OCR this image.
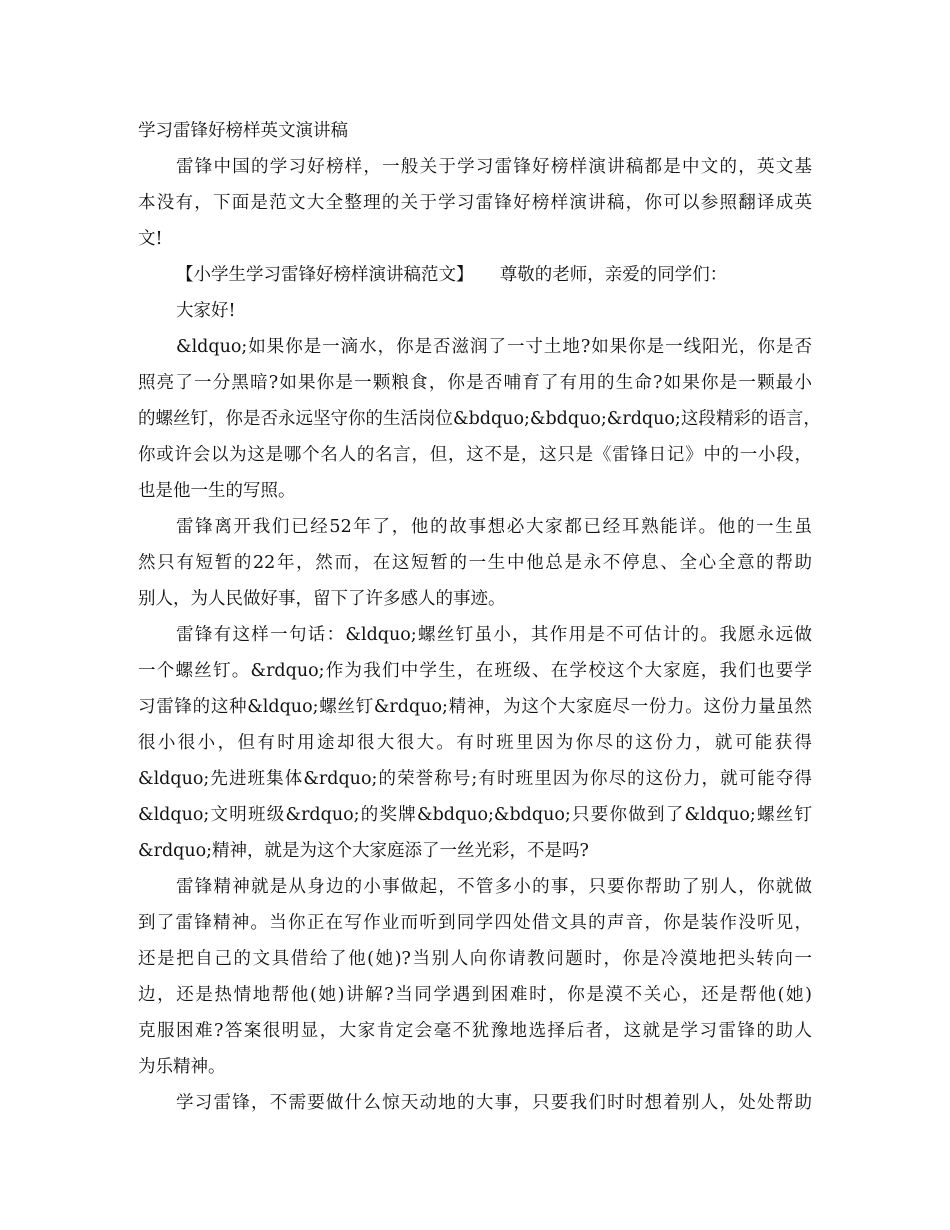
学习雷锋好榜样英文演讲稿
雷锋中国的学习好榜样，一般关于学习雷锋好榜样演讲稿都是中文的，英文基
本没有，下面是范文大全整理的关于学习雷锋好榜样演讲稿，你可以参照翻译成英
文!
【小学生学习雷锋好榜样演讲稿范文】　　尊敬的老师，亲爱的同学们：
大家好!
&ldquo;如果你是一滴水，你是否滋润了一寸土地?如果你是一线阳光，你是否
照亮了一分黑暗?如果你是一颗粮食，你是否哺育了有用的生命?如果你是一颗最小
的螺丝钉，你是否永远坚守你的生活岗位&bdquo;&bdquo;&rdquo;这段精彩的语言，
你或许会以为这是哪个名人的名言，但，这不是，这只是《雷锋日记》中的一小段，
也是他一生的写照。
雷锋离开我们已经52年了，他的故事想必大家都已经耳熟能详。他的一生虽
然只有短暂的22年，然而，在这短暂的一生中他总是永不停息、全心全意的帮助
别人，为人民做好事，留下了许多感人的事迹。
雷锋有这样一句话：&ldquo;螺丝钉虽小，其作用是不可估计的。我愿永远做
一个螺丝钉。&rdquo;作为我们中学生，在班级、在学校这个大家庭，我们也要学
习雷锋的这种&ldquo;螺丝钉&rdquo;精神，为这个大家庭尽一份力。这份力量虽然
很小很小，但有时用途却很大很大。有时班里因为你尽的这份力，就可能获得
&ldquo;先进班集体&rdquo;的荣誉称号;有时班里因为你尽的这份力，就可能夺得
&ldquo;文明班级&rdquo;的奖牌&bdquo;&bdquo;只要你做到了&ldquo;螺丝钉
&rdquo;精神，就是为这个大家庭添了一丝光彩，不是吗?
雷锋精神就是从身边的小事做起，不管多小的事，只要你帮助了别人，你就做
到了雷锋精神。当你正在写作业而听到同学四处借文具的声音，你是装作没听见，
还是把自己的文具借给了他(她)?当别人向你请教问题时，你是冷漠地把头转向一
边，还是热情地帮他(她)讲解?当同学遇到困难时，你是漠不关心，还是帮他(她)
克服困难?答案很明显，大家肯定会毫不犹豫地选择后者，这就是学习雷锋的助人
为乐精神。
学习雷锋，不需要做什么惊天动地的大事，只要我们时时想着别人，处处帮助
